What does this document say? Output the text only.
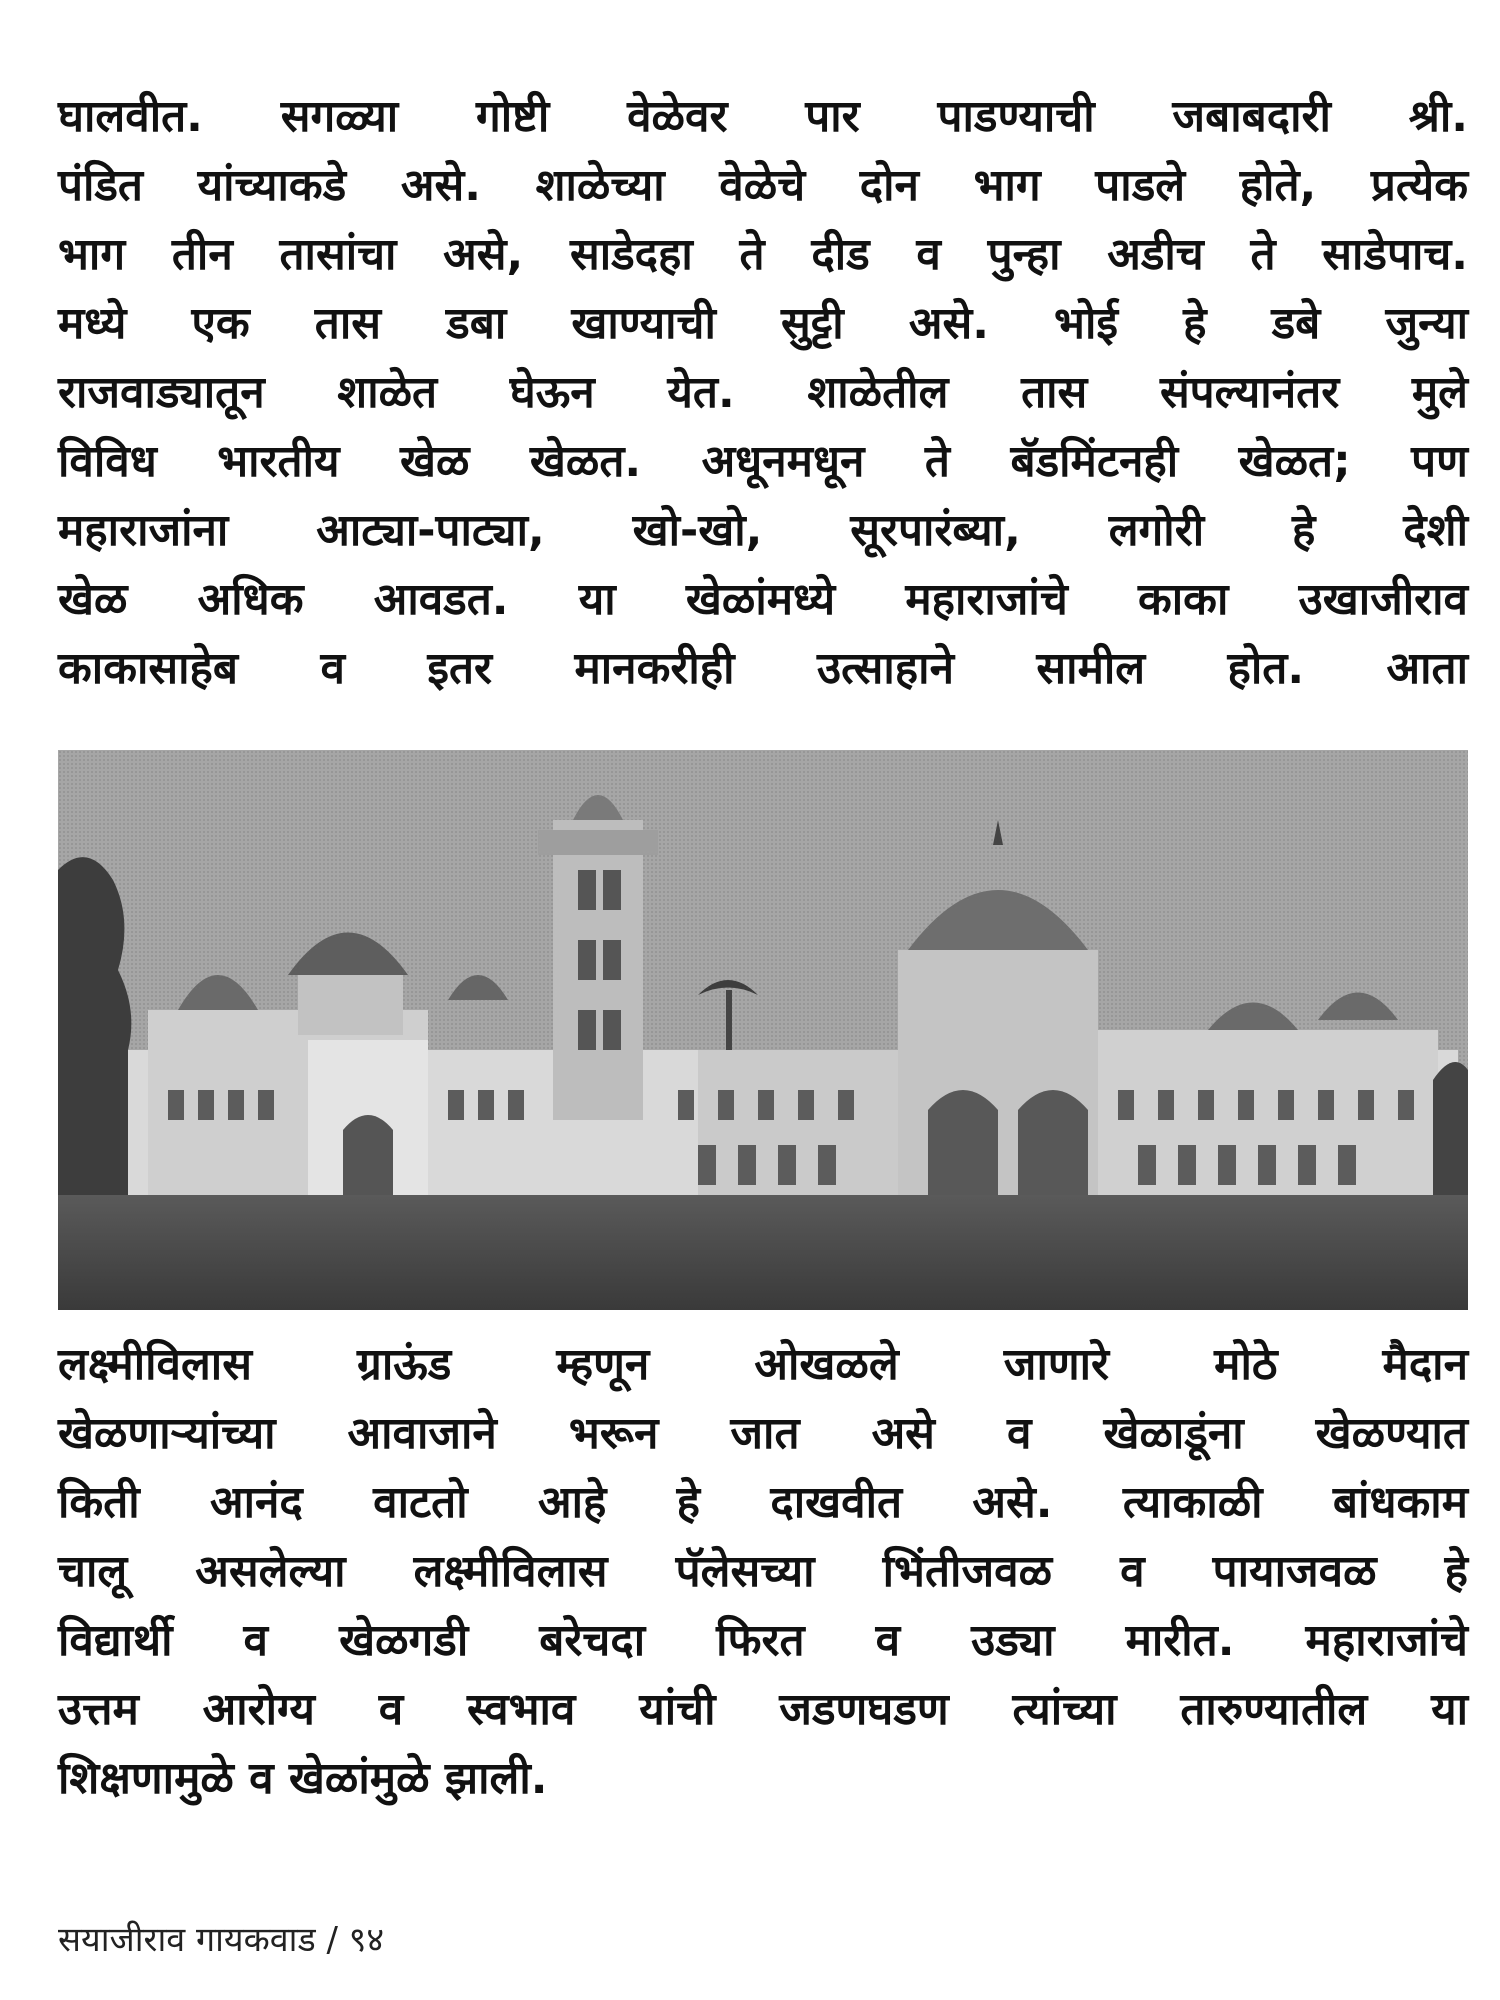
घालवीत. सगळ्या गोष्टी वेळेवर पार पाडण्याची जबाबदारी श्री.
पंडित यांच्याकडे असे. शाळेच्या वेळेचे दोन भाग पाडले होते, प्रत्येक
भाग तीन तासांचा असे, साडेदहा ते दीड व पुन्हा अडीच ते साडेपाच.
मध्ये एक तास डबा खाण्याची सुट्टी असे. भोई हे डबे जुन्या
राजवाड्यातून शाळेत घेऊन येत. शाळेतील तास संपल्यानंतर मुले
विविध भारतीय खेळ खेळत. अधूनमधून ते बॅडमिंटनही खेळत; पण
महाराजांना आट्या-पाट्या, खो-खो, सूरपारंब्या, लगोरी हे देशी
खेळ अधिक आवडत. या खेळांमध्ये महाराजांचे काका उखाजीराव
काकासाहेब व इतर मानकरीही उत्साहाने सामील होत. आता
लक्ष्मीविलास ग्राऊंड म्हणून ओखळले जाणारे मोठे मैदान
खेळणाऱ्यांच्या आवाजाने भरून जात असे व खेळाडूंना खेळण्यात
किती आनंद वाटतो आहे हे दाखवीत असे. त्याकाळी बांधकाम
चालू असलेल्या लक्ष्मीविलास पॅलेसच्या भिंतीजवळ व पायाजवळ हे
विद्यार्थी व खेळगडी बरेचदा फिरत व उड्या मारीत. महाराजांचे
उत्तम आरोग्य व स्वभाव यांची जडणघडण त्यांच्या तारुण्यातील या
शिक्षणामुळे व खेळांमुळे झाली.
सयाजीराव गायकवाड / ९४
